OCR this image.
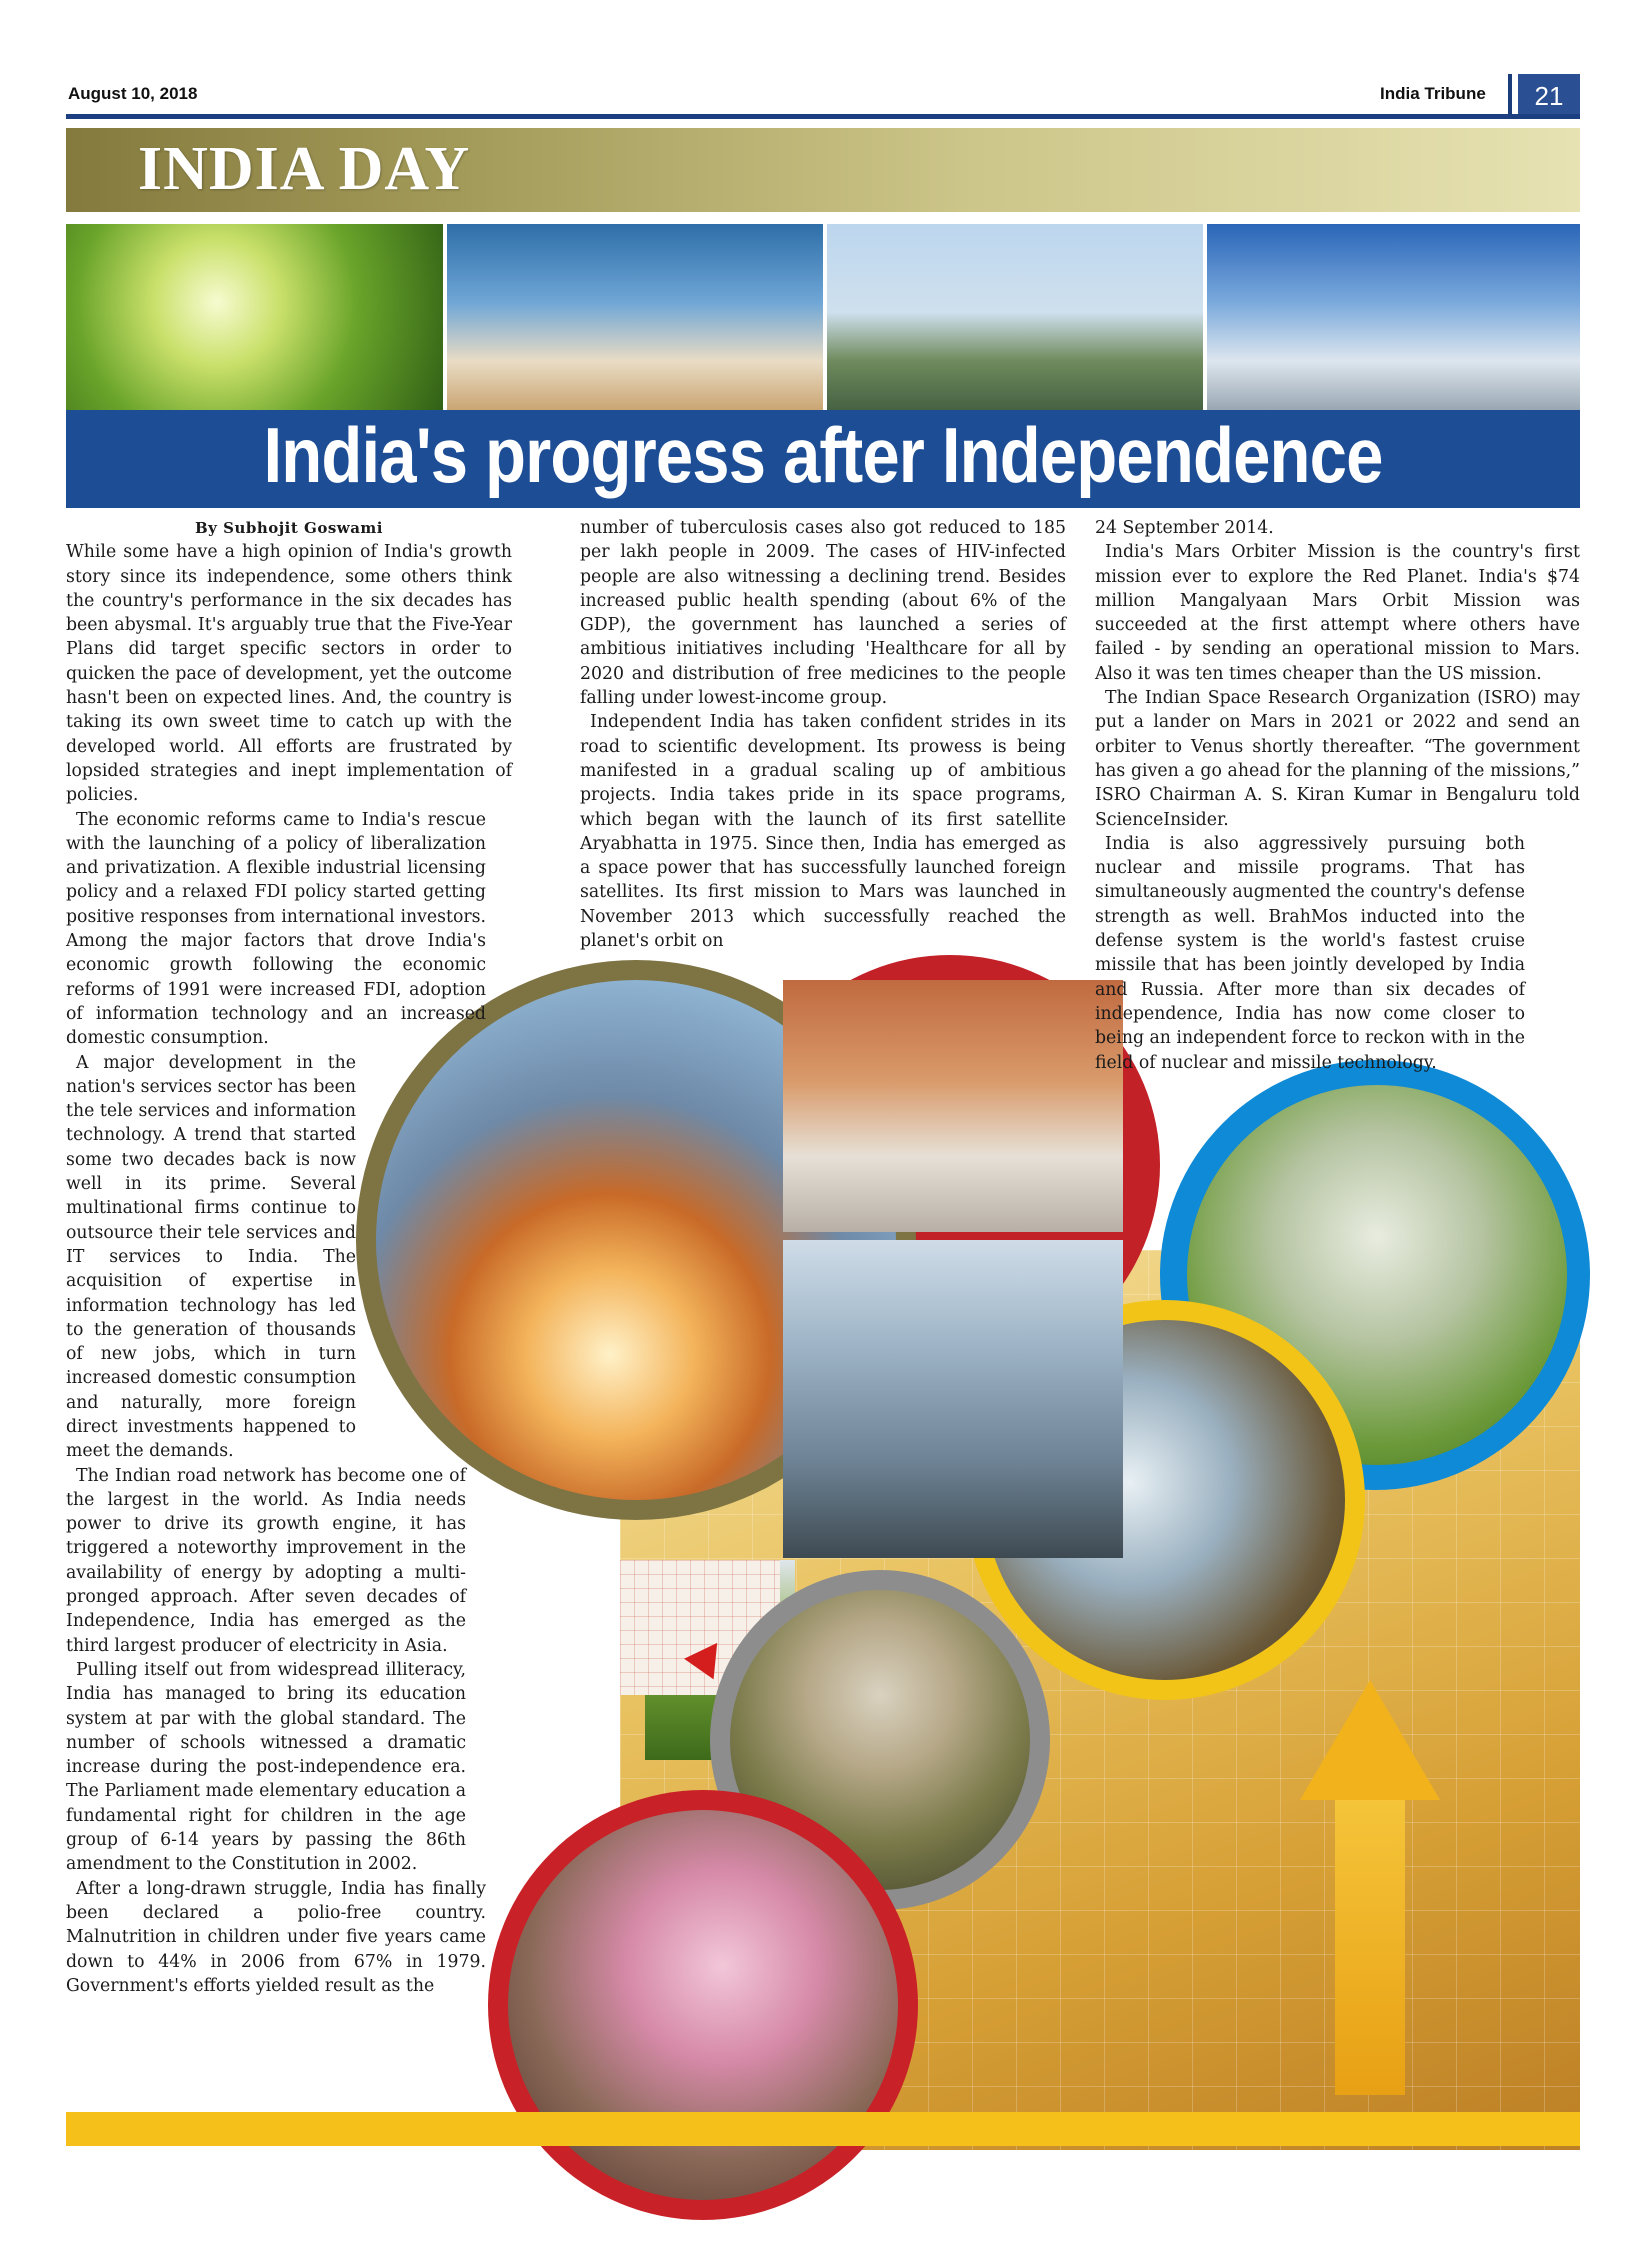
August 10, 2018	India Tribune	21
INDIA DAY
India's progress after Independence

By Subhojit Goswami

While some have a high opinion of India's growth story since its independence, some others think the country's performance in the six decades has been abysmal. It's arguably true that the Five-Year Plans did target specific sectors in order to quicken the pace of development, yet the outcome hasn't been on expected lines. And, the country is taking its own sweet time to catch up with the developed world. All efforts are frustrated by lopsided strategies and inept implementation of policies.

The economic reforms came to India's rescue with the launching of a policy of liberalization and privatization. A flexible industrial licensing policy and a relaxed FDI policy started getting positive responses from international investors. Among the major factors that drove India's economic growth following the economic reforms of 1991 were increased FDI, adoption of information technology and an increased domestic consumption.

A major development in the nation's services sector has been the tele services and information technology. A trend that started some two decades back is now well in its prime. Several multinational firms continue to outsource their tele services and IT services to India. The acquisition of expertise in information technology has led to the generation of thousands of new jobs, which in turn increased domestic consumption and naturally, more foreign direct investments happened to meet the demands.

The Indian road network has become one of the largest in the world. As India needs power to drive its growth engine, it has triggered a noteworthy improvement in the availability of energy by adopting a multi-pronged approach. After seven decades of Independence, India has emerged as the third largest producer of electricity in Asia.

Pulling itself out from widespread illiteracy, India has managed to bring its education system at par with the global standard. The number of schools witnessed a dramatic increase during the post-independence era. The Parliament made elementary education a fundamental right for children in the age group of 6-14 years by passing the 86th amendment to the Constitution in 2002.

After a long-drawn struggle, India has finally been declared a polio-free country. Malnutrition in children under five years came down to 44% in 2006 from 67% in 1979. Government's efforts yielded result as the

number of tuberculosis cases also got reduced to 185 per lakh people in 2009. The cases of HIV-infected people are also witnessing a declining trend. Besides increased public health spending (about 6% of the GDP), the government has launched a series of ambitious initiatives including 'Healthcare for all by 2020 and distribution of free medicines to the people falling under lowest-income group.

Independent India has taken confident strides in its road to scientific development. Its prowess is being manifested in a gradual scaling up of ambitious projects. India takes pride in its space programs, which began with the launch of its first satellite Aryabhatta in 1975. Since then, India has emerged as a space power that has successfully launched foreign satellites. Its first mission to Mars was launched in November 2013 which successfully reached the planet's orbit on

24 September 2014.

India's Mars Orbiter Mission is the country's first mission ever to explore the Red Planet. India's $74 million Mangalyaan Mars Orbit Mission was succeeded at the first attempt where others have failed - by sending an operational mission to Mars. Also it was ten times cheaper than the US mission.

The Indian Space Research Organization (ISRO) may put a lander on Mars in 2021 or 2022 and send an orbiter to Venus shortly thereafter. “The government has given a go ahead for the planning of the missions,” ISRO Chairman A. S. Kiran Kumar in Bengaluru told ScienceInsider.

India is also aggressively pursuing both nuclear and missile programs. That has simultaneously augmented the country's defense strength as well. BrahMos inducted into the defense system is the world's fastest cruise missile that has been jointly developed by India and Russia. After more than six decades of independence, India has now come closer to being an independent force to reckon with in the field of nuclear and missile technology.
